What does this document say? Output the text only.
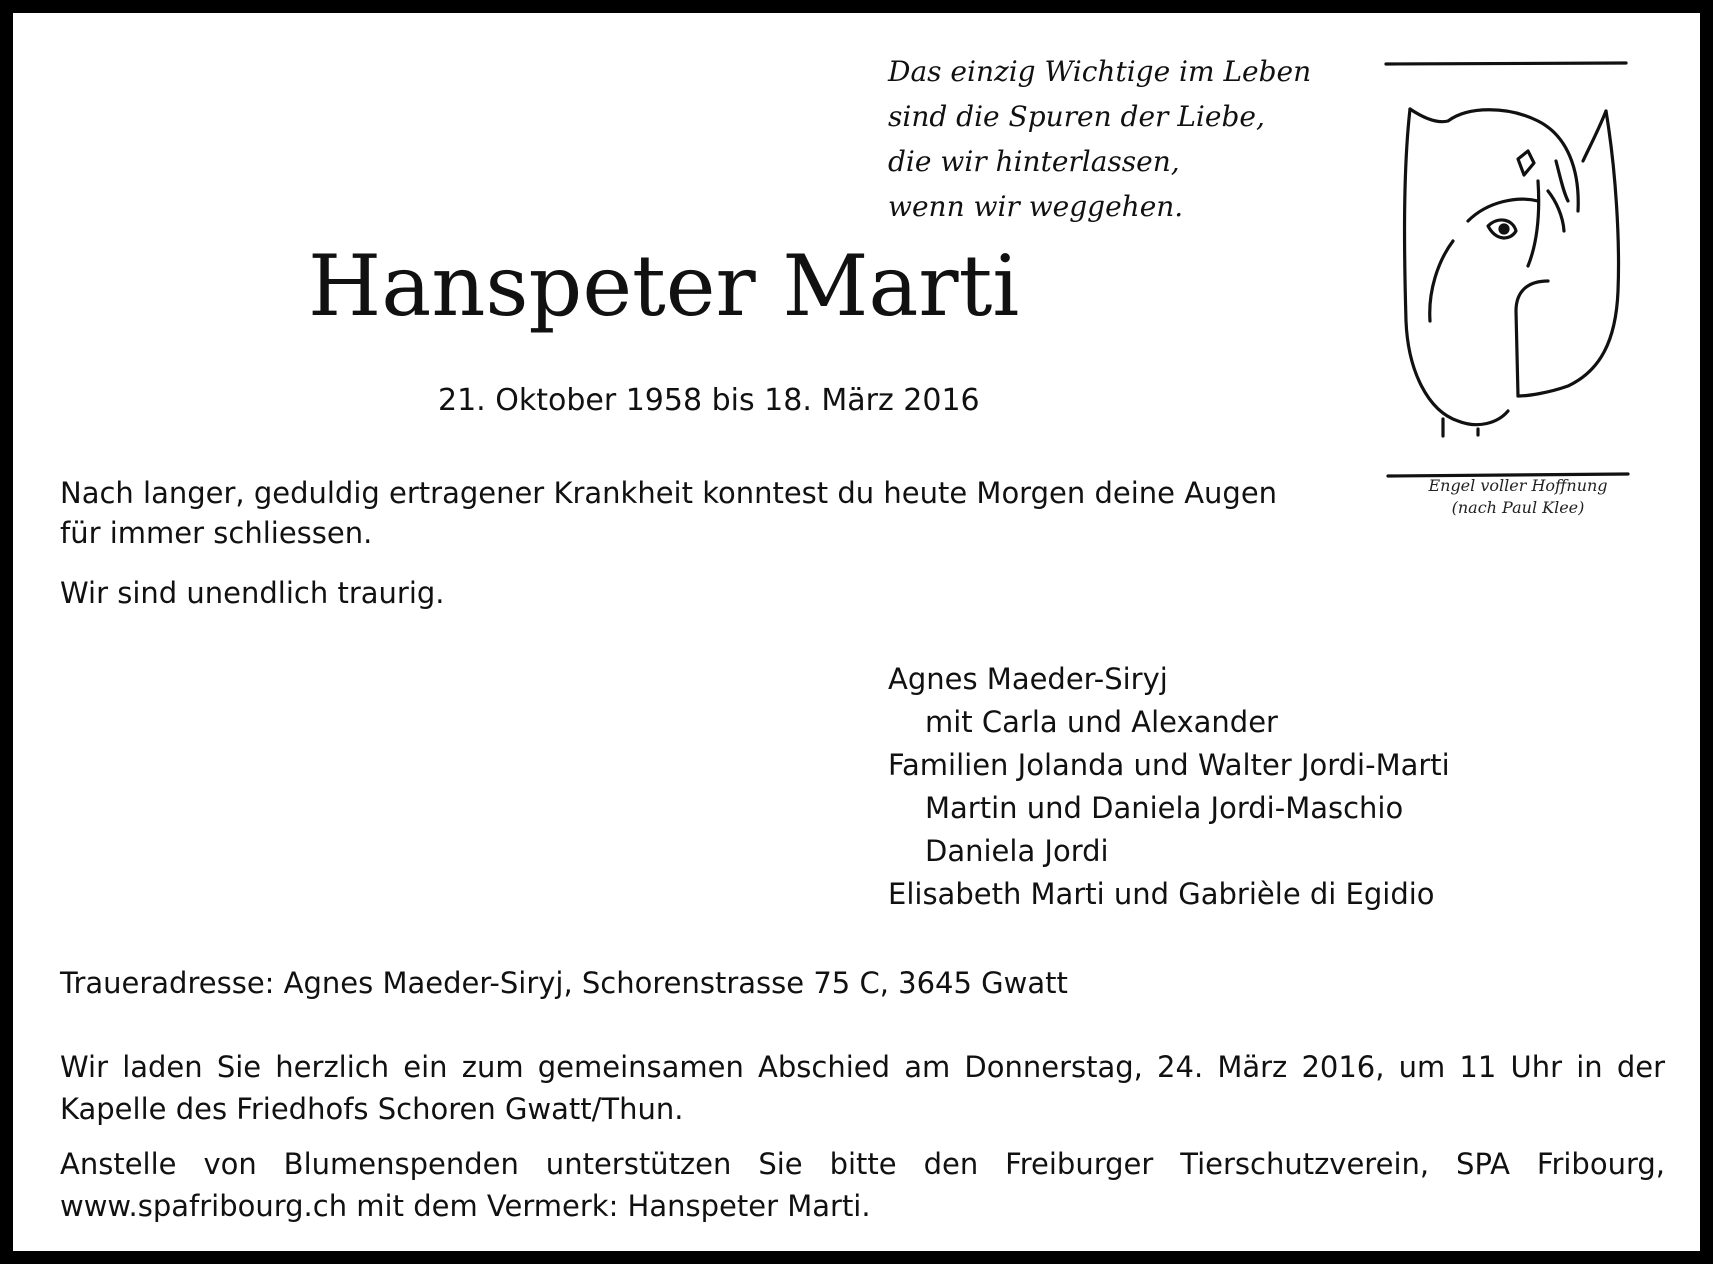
Das einzig Wichtige im Leben
sind die Spuren der Liebe,
die wir hinterlassen,
wenn wir weggehen.
Hanspeter Marti
21. Oktober 1958 bis 18. März 2016
Nach langer, geduldig ertragener Krankheit konntest du heute Morgen deine Augen
für immer schliessen.
Wir sind unendlich traurig.
Agnes Maeder-Siryj
mit Carla und Alexander
Familien Jolanda und Walter Jordi-Marti
Martin und Daniela Jordi-Maschio
Daniela Jordi
Elisabeth Marti und Gabrièle di Egidio
Traueradresse: Agnes Maeder-Siryj, Schorenstrasse 75 C, 3645 Gwatt
Wir laden Sie herzlich ein zum gemeinsamen Abschied am Donnerstag, 24. März 2016, um 11 Uhr in der
Kapelle des Friedhofs Schoren Gwatt/Thun.
Anstelle von Blumenspenden unterstützen Sie bitte den Freiburger Tierschutzverein, SPA Fribourg,
www.spafribourg.ch mit dem Vermerk: Hanspeter Marti.
Engel voller Hoffnung
(nach Paul Klee)
